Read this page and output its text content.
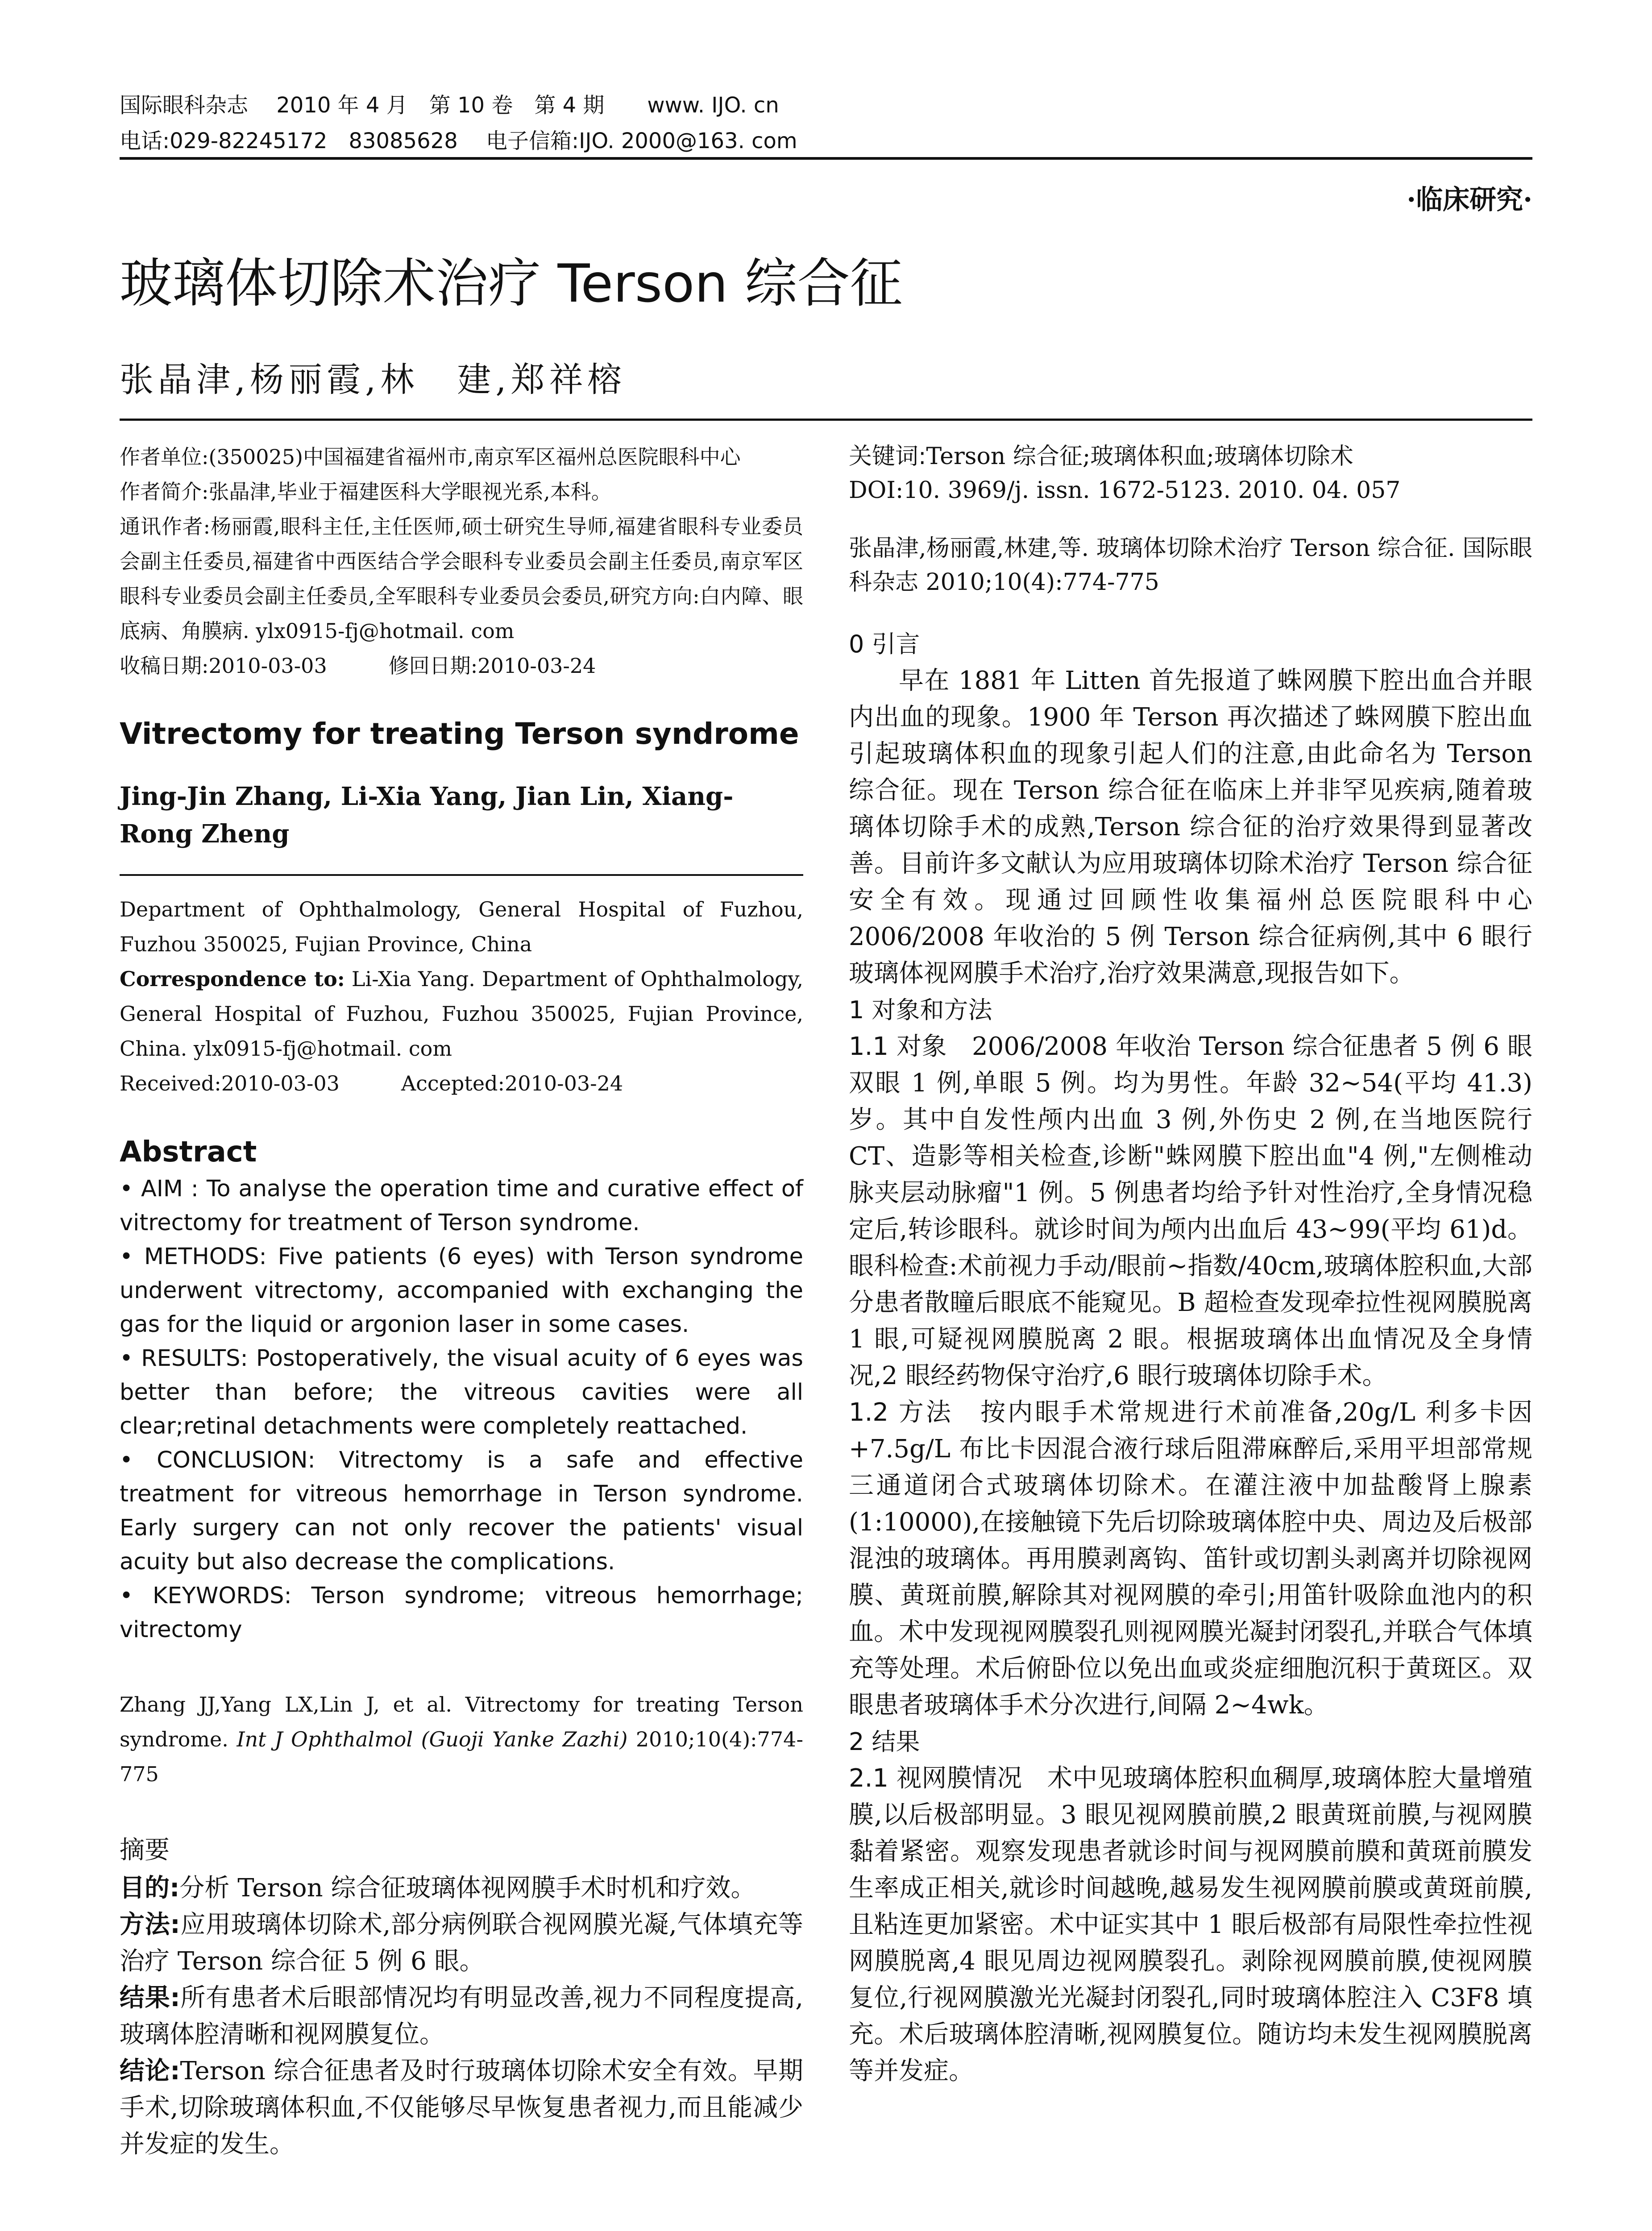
国际眼科杂志　 2010 年 4 月　第 10 卷　第 4 期　　www. IJO. cn
电话:029-82245172　83085628　 电子信箱:IJO. 2000@163. com
·临床研究·
玻璃体切除术治疗 Terson 综合征
张晶津,杨丽霞,林　建,郑祥榕

作者单位:(350025)中国福建省福州市,南京军区福州总医院眼科中心

作者简介:张晶津,毕业于福建医科大学眼视光系,本科。

通讯作者:杨丽霞,眼科主任,主任医师,硕士研究生导师,福建省眼科专业委员会副主任委员,福建省中西医结合学会眼科专业委员会副主任委员,南京军区眼科专业委员会副主任委员,全军眼科专业委员会委员,研究方向:白内障、眼底病、角膜病. ylx0915-fj@hotmail. com

收稿日期:2010-03-03　　　修回日期:2010-03-24

Vitrectomy for treating Terson syndrome

Jing-Jin Zhang, Li-Xia Yang, Jian Lin, Xiang-Rong Zheng

Department of Ophthalmology, General Hospital of Fuzhou, Fuzhou 350025, Fujian Province, China

Correspondence to: Li-Xia Yang. Department of Ophthalmology, General Hospital of Fuzhou, Fuzhou 350025, Fujian Province, China. ylx0915-fj@hotmail. com

Received:2010-03-03　　　Accepted:2010-03-24

Abstract

• AIM : To analyse the operation time and curative effect of vitrectomy for treatment of Terson syndrome.

• METHODS: Five patients (6 eyes) with Terson syndrome underwent vitrectomy, accompanied with exchanging the gas for the liquid or argonion laser in some cases.

• RESULTS: Postoperatively, the visual acuity of 6 eyes was better than before; the vitreous cavities were all clear;retinal detachments were completely reattached.

• CONCLUSION: Vitrectomy is a safe and effective treatment for vitreous hemorrhage in Terson syndrome. Early surgery can not only recover the patients' visual acuity but also decrease the complications.

• KEYWORDS: Terson syndrome; vitreous hemorrhage; vitrectomy

Zhang JJ,Yang LX,Lin J, et al. Vitrectomy for treating Terson syndrome. Int J Ophthalmol (Guoji Yanke Zazhi) 2010;10(4):774-775

摘要

目的:分析 Terson 综合征玻璃体视网膜手术时机和疗效。

方法:应用玻璃体切除术,部分病例联合视网膜光凝,气体填充等治疗 Terson 综合征 5 例 6 眼。

结果:所有患者术后眼部情况均有明显改善,视力不同程度提高,玻璃体腔清晰和视网膜复位。

结论:Terson 综合征患者及时行玻璃体切除术安全有效。早期手术,切除玻璃体积血,不仅能够尽早恢复患者视力,而且能减少并发症的发生。

关键词:Terson 综合征;玻璃体积血;玻璃体切除术

DOI:10. 3969/j. issn. 1672-5123. 2010. 04. 057

张晶津,杨丽霞,林建,等. 玻璃体切除术治疗 Terson 综合征. 国际眼科杂志 2010;10(4):774-775

0 引言

早在 1881 年 Litten 首先报道了蛛网膜下腔出血合并眼内出血的现象。1900 年 Terson 再次描述了蛛网膜下腔出血引起玻璃体积血的现象引起人们的注意,由此命名为 Terson 综合征。现在 Terson 综合征在临床上并非罕见疾病,随着玻璃体切除手术的成熟,Terson 综合征的治疗效果得到显著改善。目前许多文献认为应用玻璃体切除术治疗 Terson 综合征安全有效。现通过回顾性收集福州总医院眼科中心 2006/2008 年收治的 5 例 Terson 综合征病例,其中 6 眼行玻璃体视网膜手术治疗,治疗效果满意,现报告如下。

1 对象和方法

1.1 对象　2006/2008 年收治 Terson 综合征患者 5 例 6 眼双眼 1 例,单眼 5 例。均为男性。年龄 32~54(平均 41.3)岁。其中自发性颅内出血 3 例,外伤史 2 例,在当地医院行 CT、造影等相关检查,诊断"蛛网膜下腔出血"4 例,"左侧椎动脉夹层动脉瘤"1 例。5 例患者均给予针对性治疗,全身情况稳定后,转诊眼科。就诊时间为颅内出血后 43~99(平均 61)d。眼科检查:术前视力手动/眼前~指数/40cm,玻璃体腔积血,大部分患者散瞳后眼底不能窥见。B 超检查发现牵拉性视网膜脱离 1 眼,可疑视网膜脱离 2 眼。根据玻璃体出血情况及全身情况,2 眼经药物保守治疗,6 眼行玻璃体切除手术。

1.2 方法　按内眼手术常规进行术前准备,20g/L 利多卡因+7.5g/L 布比卡因混合液行球后阻滞麻醉后,采用平坦部常规三通道闭合式玻璃体切除术。在灌注液中加盐酸肾上腺素(1:10000),在接触镜下先后切除玻璃体腔中央、周边及后极部混浊的玻璃体。再用膜剥离钩、笛针或切割头剥离并切除视网膜、黄斑前膜,解除其对视网膜的牵引;用笛针吸除血池内的积血。术中发现视网膜裂孔则视网膜光凝封闭裂孔,并联合气体填充等处理。术后俯卧位以免出血或炎症细胞沉积于黄斑区。双眼患者玻璃体手术分次进行,间隔 2~4wk。

2 结果

2.1 视网膜情况　术中见玻璃体腔积血稠厚,玻璃体腔大量增殖膜,以后极部明显。3 眼见视网膜前膜,2 眼黄斑前膜,与视网膜黏着紧密。观察发现患者就诊时间与视网膜前膜和黄斑前膜发生率成正相关,就诊时间越晚,越易发生视网膜前膜或黄斑前膜,且粘连更加紧密。术中证实其中 1 眼后极部有局限性牵拉性视网膜脱离,4 眼见周边视网膜裂孔。剥除视网膜前膜,使视网膜复位,行视网膜激光光凝封闭裂孔,同时玻璃体腔注入 C3F8 填充。术后玻璃体腔清晰,视网膜复位。随访均未发生视网膜脱离等并发症。
